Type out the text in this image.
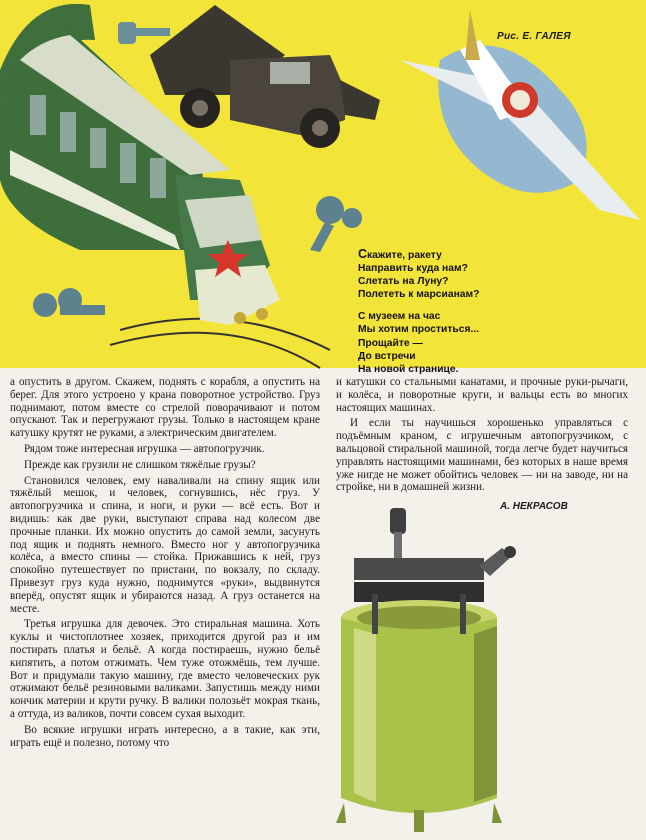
Рис. Е. ГАЛЕЯ
Скажите, ракету
Направить куда нам?
Слетать на Луну?
Полететь к марсианам?
С музеем на час
Мы хотим проститься...
Прощайте —
До встречи
На новой странице.

а опустить в другом. Скажем, поднять с корабля, а опустить на берег. Для этого устроено у крана поворотное устройство. Груз поднимают, потом вместе со стрелой поворачивают и потом опускают. Так и перегружают грузы. Только в настоящем кране катушку крутят не руками, а электрическим двигателем.

Рядом тоже интересная игрушка — автопогрузчик.

Прежде как грузили не слишком тяжёлые грузы?

Становился человек, ему наваливали на спину ящик или тяжёлый мешок, и человек, согнувшись, нёс груз. У автопогрузчика и спина, и ноги, и руки — всё есть. Вот и видишь: как две руки, выступают справа над колесом две прочные планки. Их можно опустить до самой земли, засунуть под ящик и поднять немного. Вместо ног у автопогрузчика колёса, а вместо спины — стойка. Прижавшись к ней, груз спокойно путешествует по пристани, по вокзалу, по складу. Привезут груз куда нужно, поднимутся «руки», выдвинутся вперёд, опустят ящик и убираются назад. А груз останется на месте.

Третья игрушка для девочек. Это стиральная машина. Хоть куклы и чистоплотнее хозяек, приходится другой раз и им постирать платья и бельё. А когда постираешь, нужно бельё кипятить, а потом отжимать. Чем туже отожмёшь, тем лучше. Вот и придумали такую машину, где вместо человеческих рук отжимают бельё резиновыми валиками. Запустишь между ними кончик материи и крути ручку. В валики полозьёт мокрая ткань, а оттуда, из валиков, почти совсем сухая выходит.

Во всякие игрушки играть интересно, а в такие, как эти, играть ещё и полезно, потому что

и катушки со стальными канатами, и прочные руки-рычаги, и колёса, и поворотные круги, и вальцы есть во многих настоящих машинах.

И если ты научишься хорошенько управляться с подъёмным краном, с игрушечным автопогрузчиком, с вальцовой стиральной машиной, тогда легче будет научиться управлять настоящими машинами, без которых в наше время уже нигде не может обойтись человек — ни на заводе, ни на стройке, ни в домашней жизни.

А. НЕКРАСОВ
